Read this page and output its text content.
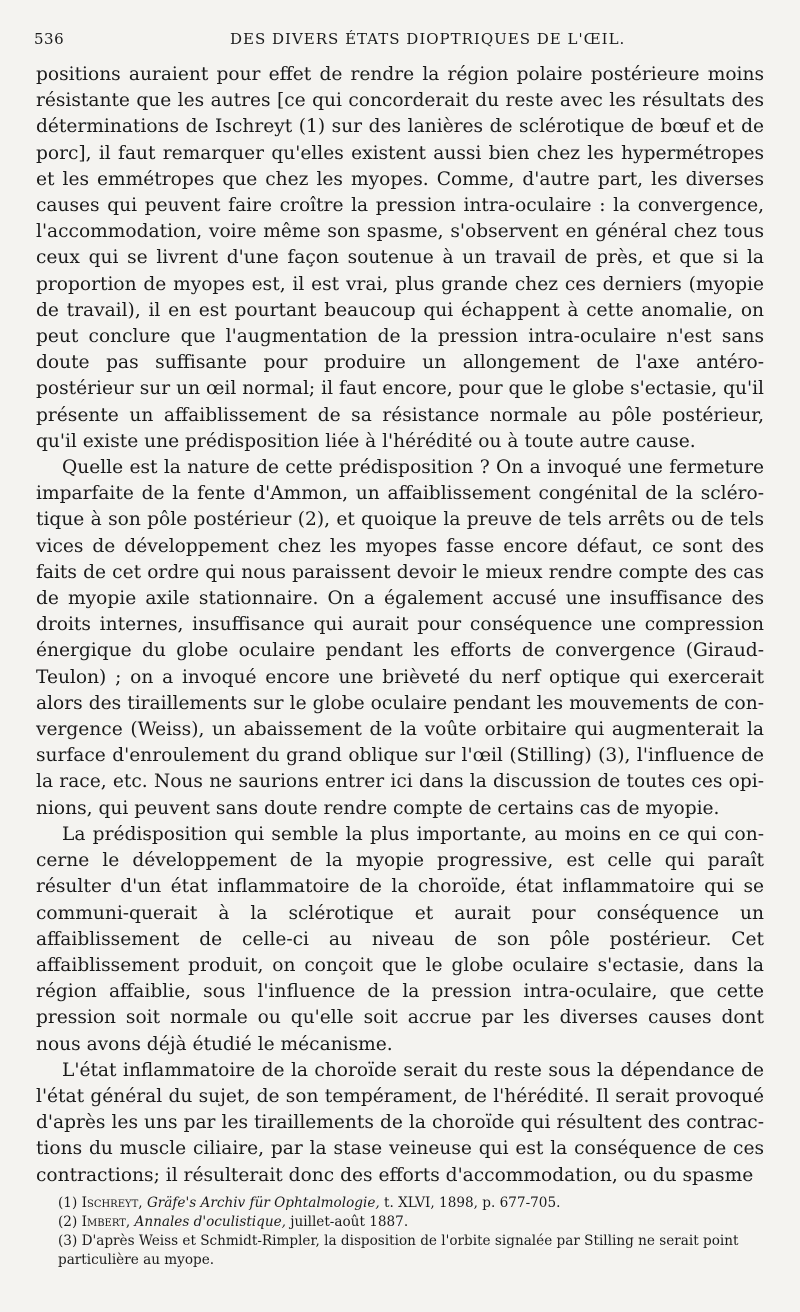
536	DES DIVERS ÉTATS DIOPTRIQUES DE L'ŒIL.

positions auraient pour effet de rendre la région polaire postérieure moins résistante que les autres [ce qui concorderait du reste avec les résultats des déterminations de Ischreyt (1) sur des lanières de sclérotique de bœuf et de porc], il faut remarquer qu'elles existent aussi bien chez les hypermétropes et les emmétropes que chez les myopes. Comme, d'autre part, les diverses causes qui peuvent faire croître la pression intra-oculaire : la convergence, l'accommodation, voire même son spasme, s'observent en général chez tous ceux qui se livrent d'une façon soutenue à un travail de près, et que si la proportion de myopes est, il est vrai, plus grande chez ces derniers (myopie de travail), il en est pourtant beaucoup qui échappent à cette anomalie, on peut conclure que l'augmentation de la pression intra-oculaire n'est sans doute pas suffisante pour produire un allongement de l'axe antéro-postérieur sur un œil normal; il faut encore, pour que le globe s'ectasie, qu'il présente un affaiblissement de sa résistance normale au pôle postérieur, qu'il existe une prédisposition liée à l'hérédité ou à toute autre cause.

Quelle est la nature de cette prédisposition ? On a invoqué une fermeture imparfaite de la fente d'Ammon, un affaiblissement congénital de la scléro-tique à son pôle postérieur (2), et quoique la preuve de tels arrêts ou de tels vices de développement chez les myopes fasse encore défaut, ce sont des faits de cet ordre qui nous paraissent devoir le mieux rendre compte des cas de myopie axile stationnaire. On a également accusé une insuffisance des droits internes, insuffisance qui aurait pour conséquence une compression énergique du globe oculaire pendant les efforts de convergence (Giraud-Teulon) ; on a invoqué encore une brièveté du nerf optique qui exercerait alors des tiraillements sur le globe oculaire pendant les mouvements de con-vergence (Weiss), un abaissement de la voûte orbitaire qui augmenterait la surface d'enroulement du grand oblique sur l'œil (Stilling) (3), l'influence de la race, etc. Nous ne saurions entrer ici dans la discussion de toutes ces opi-nions, qui peuvent sans doute rendre compte de certains cas de myopie.

La prédisposition qui semble la plus importante, au moins en ce qui con-cerne le développement de la myopie progressive, est celle qui paraît résulter d'un état inflammatoire de la choroïde, état inflammatoire qui se communi-querait à la sclérotique et aurait pour conséquence un affaiblissement de celle-ci au niveau de son pôle postérieur. Cet affaiblissement produit, on conçoit que le globe oculaire s'ectasie, dans la région affaiblie, sous l'influence de la pression intra-oculaire, que cette pression soit normale ou qu'elle soit accrue par les diverses causes dont nous avons déjà étudié le mécanisme.

L'état inflammatoire de la choroïde serait du reste sous la dépendance de l'état général du sujet, de son tempérament, de l'hérédité. Il serait provoqué d'après les uns par les tiraillements de la choroïde qui résultent des contrac-tions du muscle ciliaire, par la stase veineuse qui est la conséquence de ces contractions; il résulterait donc des efforts d'accommodation, ou du spasme

(1) Ischreyt, Gräfe's Archiv für Ophtalmologie, t. XLVI, 1898, p. 677-705.

(2) Imbert, Annales d'oculistique, juillet-août 1887.

(3) D'après Weiss et Schmidt-Rimpler, la disposition de l'orbite signalée par Stilling ne serait point particulière au myope.
